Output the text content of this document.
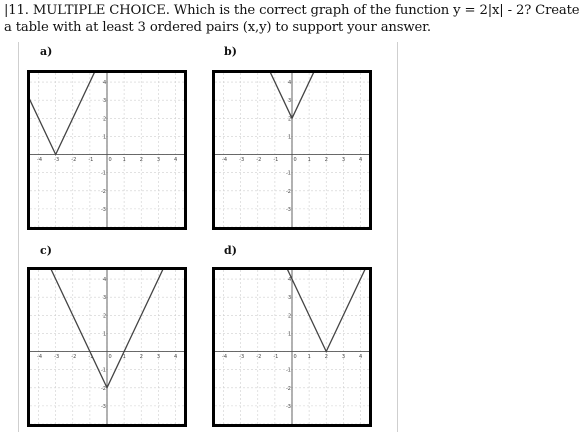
|11. MULTIPLE CHOICE. Which is the correct graph of the function y = 2|x| - 2? Create
a table with at least 3 ordered pairs (x,y) to support your answer.
a)	b)
c)	d)
-4 -3 -2 -1	0 1	2	3	4
-3
-2
-1
1
2
3
4
-4 -3 -2 -1	0 1	2	3	4
-3
-2
-1
1
2
3
4
-4 -3 -2 -1	0 1	2	3	4
-3
-2
-1
1
2
3
4
-4 -3 -2 -1	0 1	2	3	4
-3
-2
-1
1
2
3
4
